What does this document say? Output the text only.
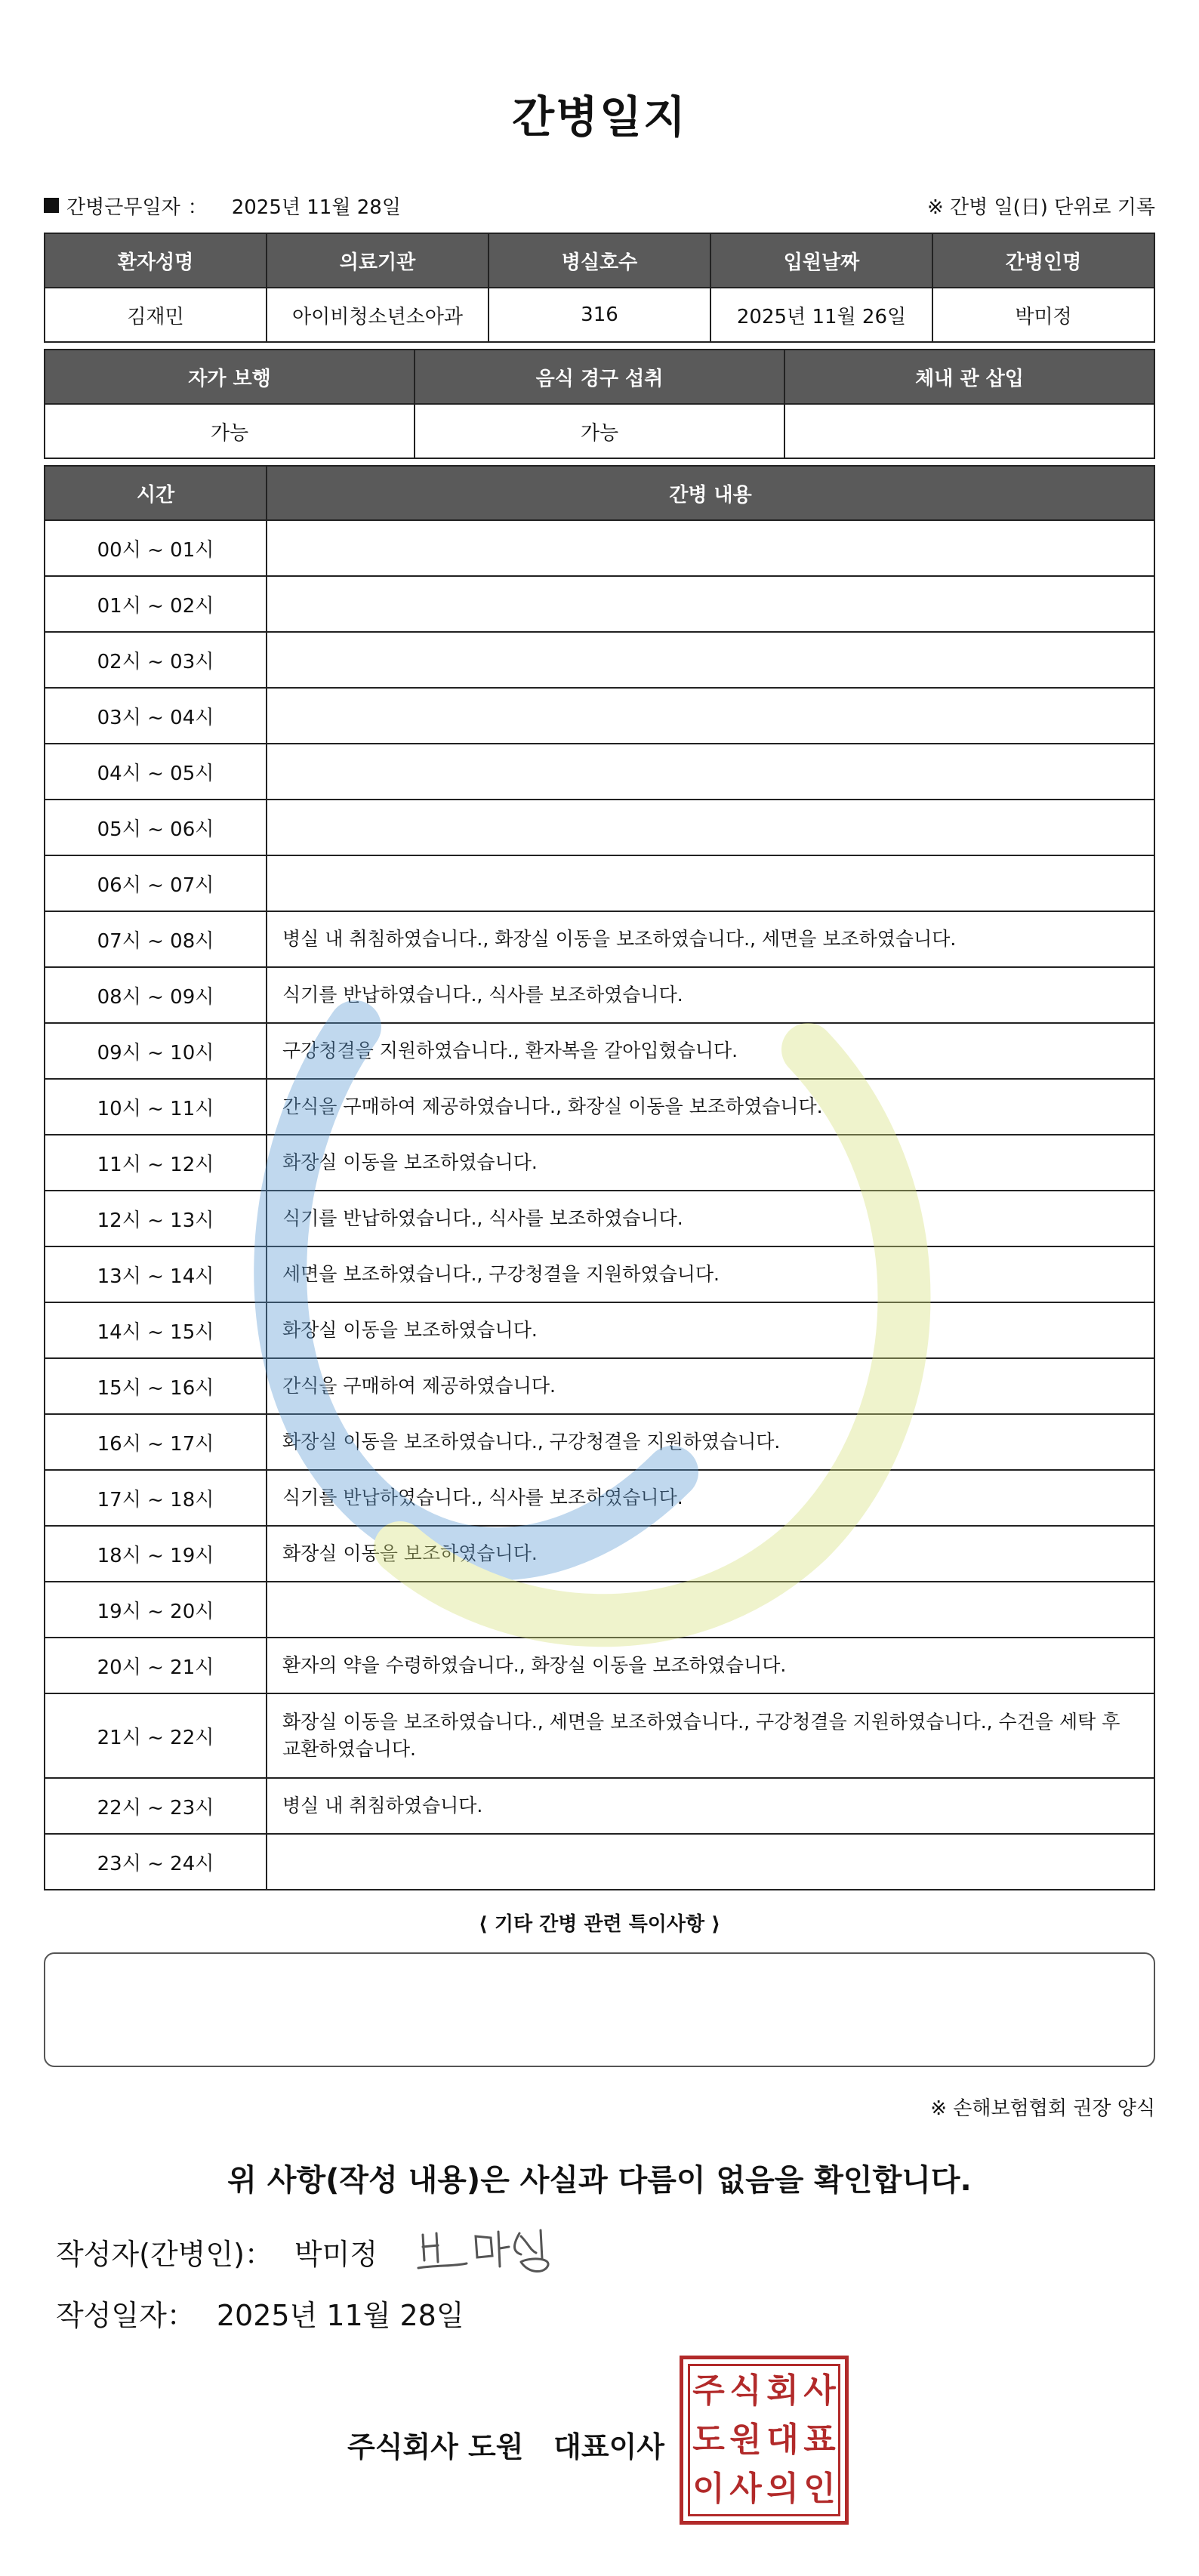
간병일지
간병근무일자 ： 2025년 11월 28일	※ 간병 일(日) 단위로 기록
환자성명	의료기관	병실호수	입원날짜	간병인명
김재민	아이비청소년소아과	316	2025년 11월 26일	박미정
자가 보행	음식 경구 섭취	체내 관 삽입
가능	가능	
시간	간병 내용
00시 ~ 01시	
01시 ~ 02시	
02시 ~ 03시	
03시 ~ 04시	
04시 ~ 05시	
05시 ~ 06시	
06시 ~ 07시	
07시 ~ 08시	병실 내 취침하였습니다., 화장실 이동을 보조하였습니다., 세면을 보조하였습니다.
08시 ~ 09시	식기를 반납하였습니다., 식사를 보조하였습니다.
09시 ~ 10시	구강청결을 지원하였습니다., 환자복을 갈아입혔습니다.
10시 ~ 11시	간식을 구매하여 제공하였습니다., 화장실 이동을 보조하였습니다.
11시 ~ 12시	화장실 이동을 보조하였습니다.
12시 ~ 13시	식기를 반납하였습니다., 식사를 보조하였습니다.
13시 ~ 14시	세면을 보조하였습니다., 구강청결을 지원하였습니다.
14시 ~ 15시	화장실 이동을 보조하였습니다.
15시 ~ 16시	간식을 구매하여 제공하였습니다.
16시 ~ 17시	화장실 이동을 보조하였습니다., 구강청결을 지원하였습니다.
17시 ~ 18시	식기를 반납하였습니다., 식사를 보조하였습니다.
18시 ~ 19시	화장실 이동을 보조하였습니다.
19시 ~ 20시	
20시 ~ 21시	환자의 약을 수령하였습니다., 화장실 이동을 보조하였습니다.
21시 ~ 22시	화장실 이동을 보조하였습니다., 세면을 보조하였습니다., 구강청결을 지원하였습니다., 수건을 세탁 후 교환하였습니다.
22시 ~ 23시	병실 내 취침하였습니다.
23시 ~ 24시	
⟨ 기타 간병 관련 특이사항 ⟩
※ 손해보험협회 권장 양식
위 사항(작성 내용)은 사실과 다름이 없음을 확인합니다.
작성자(간병인)： 박미정
작성일자： 2025년 11월 28일
주식회사 도원   대표이사
주 식 회 사
도 원 대 표
이 사 의 인
